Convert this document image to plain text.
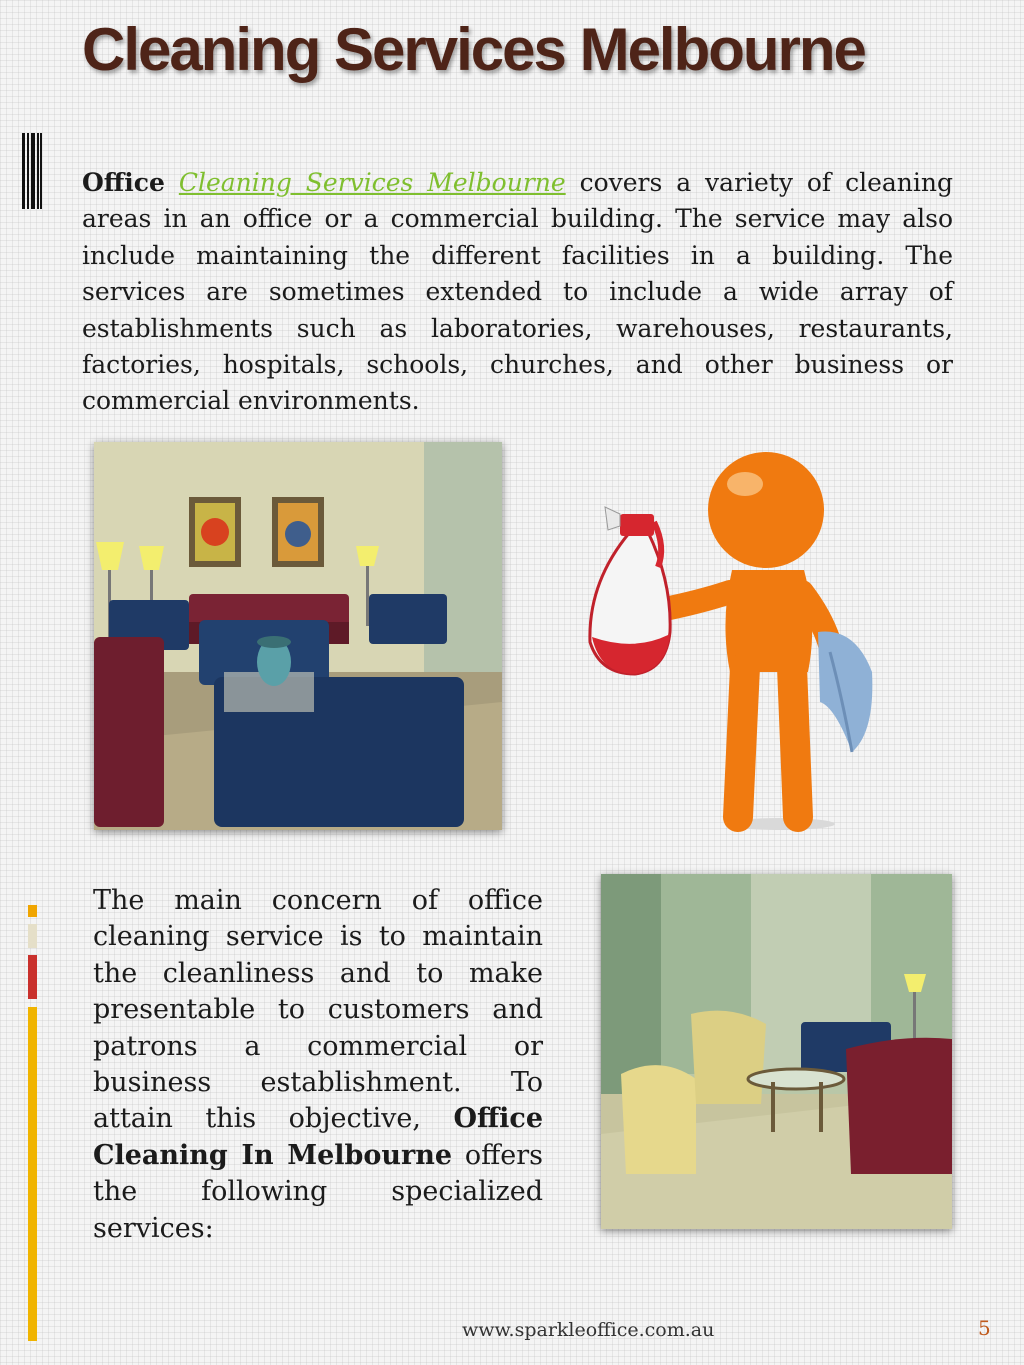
Cleaning Services Melbourne

Office Cleaning Services Melbourne covers a variety of cleaning areas in an office or a commercial building. The service may also include maintaining the different facilities in a building. The services are sometimes extended to include a wide array of establishments such as laboratories, warehouses, restaurants, factories, hospitals, schools, churches, and other business or commercial environments.

The main concern of office cleaning service is to maintain the cleanliness and to make presentable to customers and patrons a commercial or business establishment. To attain this objective, Office Cleaning In Melbourne offers the following specialized services:

www.sparkleoffice.com.au	5
